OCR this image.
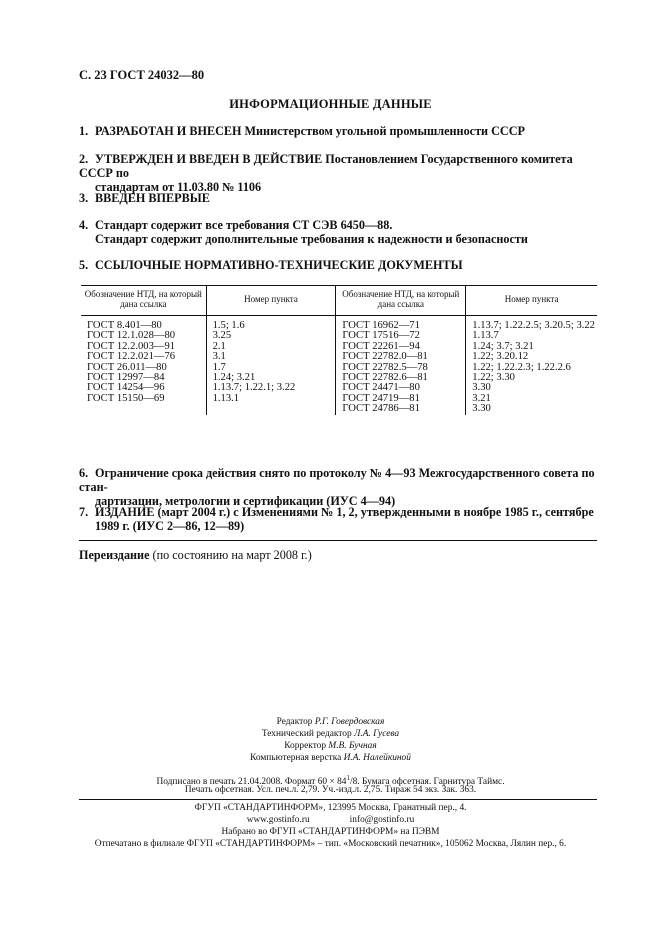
С. 23 ГОСТ 24032—80
ИНФОРМАЦИОННЫЕ ДАННЫЕ
1. РАЗРАБОТАН И ВНЕСЕН Министерством угольной промышленности СССР
2. УТВЕРЖДЕН И ВВЕДЕН В ДЕЙСТВИЕ Постановлением Государственного комитета СССР по
стандартам от 11.03.80 № 1106
3. ВВЕДЕН ВПЕРВЫЕ
4. Стандарт содержит все требования СТ СЭВ 6450—88.
Стандарт содержит дополнительные требования к надежности и безопасности
5. ССЫЛОЧНЫЕ НОРМАТИВНО-ТЕХНИЧЕСКИЕ ДОКУМЕНТЫ
Обозначение НТД, на который дана ссылка	Номер пункта	Обозначение НТД, на который дана ссылка	Номер пункта
ГОСТ 8.401—80	1.5; 1.6	ГОСТ 16962—71	1.13.7; 1.22.2.5; 3.20.5; 3.22
ГОСТ 12.1.028—80	3.25	ГОСТ 17516—72	1.13.7
ГОСТ 12.2.003—91	2.1	ГОСТ 22261—94	1.24; 3.7; 3.21
ГОСТ 12.2.021—76	3.1	ГОСТ 22782.0—81	1.22; 3.20.12
ГОСТ 26.011—80	1.7	ГОСТ 22782.5—78	1.22; 1.22.2.3; 1.22.2.6
ГОСТ 12997—84	1.24; 3.21	ГОСТ 22782.6—81	1.22; 3.30
ГОСТ 14254—96	1.13.7; 1.22.1; 3.22	ГОСТ 24471—80	3.30
ГОСТ 15150—69	1.13.1	ГОСТ 24719—81	3.21
		ГОСТ 24786—81	3.30
6. Ограничение срока действия снято по протоколу № 4—93 Межгосударственного совета по стан-
дартизации, метрологии и сертификации (ИУС 4—94)
7. ИЗДАНИЕ (март 2004 г.) с Изменениями № 1, 2, утвержденными в ноябре 1985 г., сентябре
1989 г. (ИУС 2—86, 12—89)
Переиздание (по состоянию на март 2008 г.)
Редактор Р.Г. Говердовская
Технический редактор Л.А. Гусева
Корректор М.В. Бучная
Компьютерная верстка И.А. Налейкиной
Подписано в печать 21.04.2008. Формат $60 \times 84^1/8$. Бумага офсетная. Гарнитура Таймс.
Печать офсетная. Усл. печ.л. 2,79. Уч.-изд.л. 2,75. Тираж 54 экз. Зак. 363.
ФГУП «СТАНДАРТИНФОРМ», 123995 Москва, Гранатный пер., 4.
www.gostinfo.ru	info@gostinfo.ru
Набрано во ФГУП «СТАНДАРТИНФОРМ» на ПЭВМ
Отпечатано в филиале ФГУП «СТАНДАРТИНФОРМ» – тип. «Московский печатник», 105062 Москва, Лялин пер., 6.
